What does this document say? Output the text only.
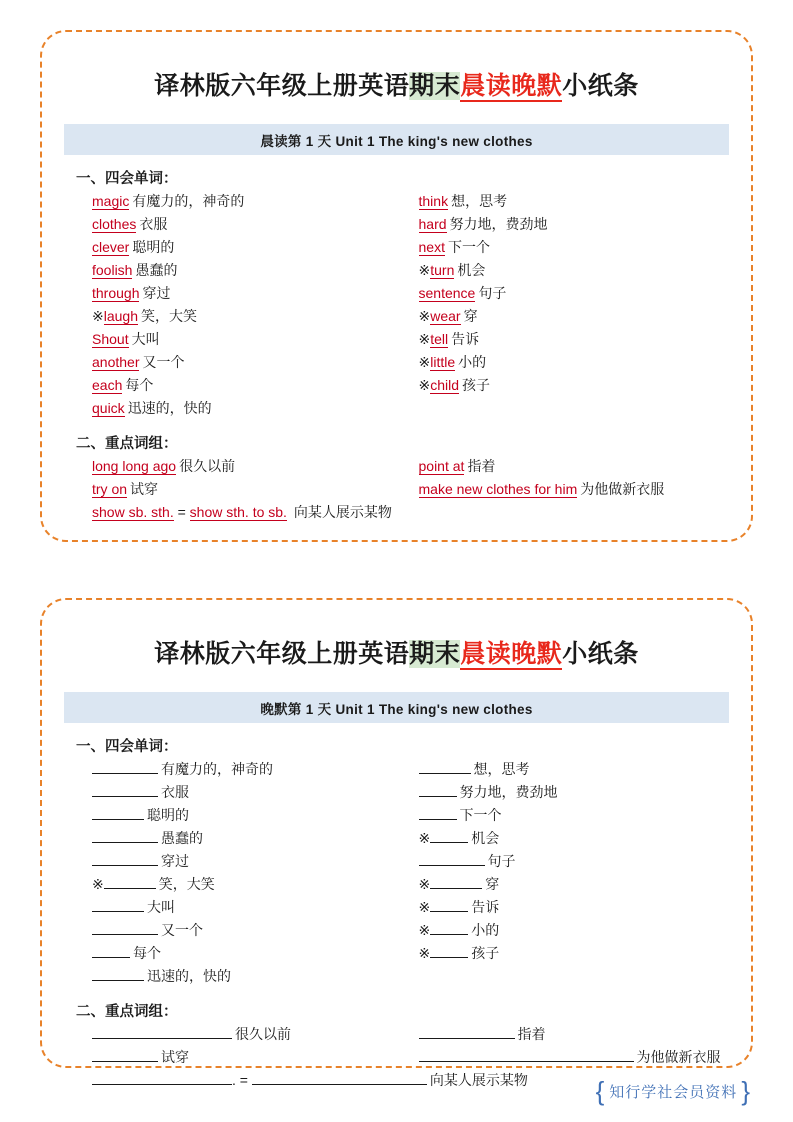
译林版六年级上册英语期末晨读晚默小纸条
晨读第 1 天 Unit 1 The king's new clothes
一、四会单词：
magic 有魔力的，神奇的
clothes 衣服
clever 聪明的
foolish 愚蠢的
through 穿过
※laugh 笑，大笑
Shout 大叫
another 又一个
each 每个
quick 迅速的，快的
think 想，思考
hard 努力地，费劲地
next 下一个
※turn 机会
sentence 句子
※wear 穿
※tell 告诉
※little 小的
※child 孩子
二、重点词组：
long long ago 很久以前
try on 试穿
point at 指着
make new clothes for him 为他做新衣服
show sb. sth. = show sth. to sb. 向某人展示某物
译林版六年级上册英语期末晨读晚默小纸条
晚默第 1 天 Unit 1 The king's new clothes
一、四会单词：
有魔力的，神奇的
衣服
聪明的
愚蠢的
穿过
※	笑，大笑
大叫
又一个
每个
迅速的，快的
想，思考
努力地，费劲地
下一个
※	机会
句子
※	穿
※	告诉
※	小的
※	孩子
二、重点词组：
很久以前
试穿
指着
为他做新衣服
. =	向某人展示某物	{ 知行学社会员资料 }
